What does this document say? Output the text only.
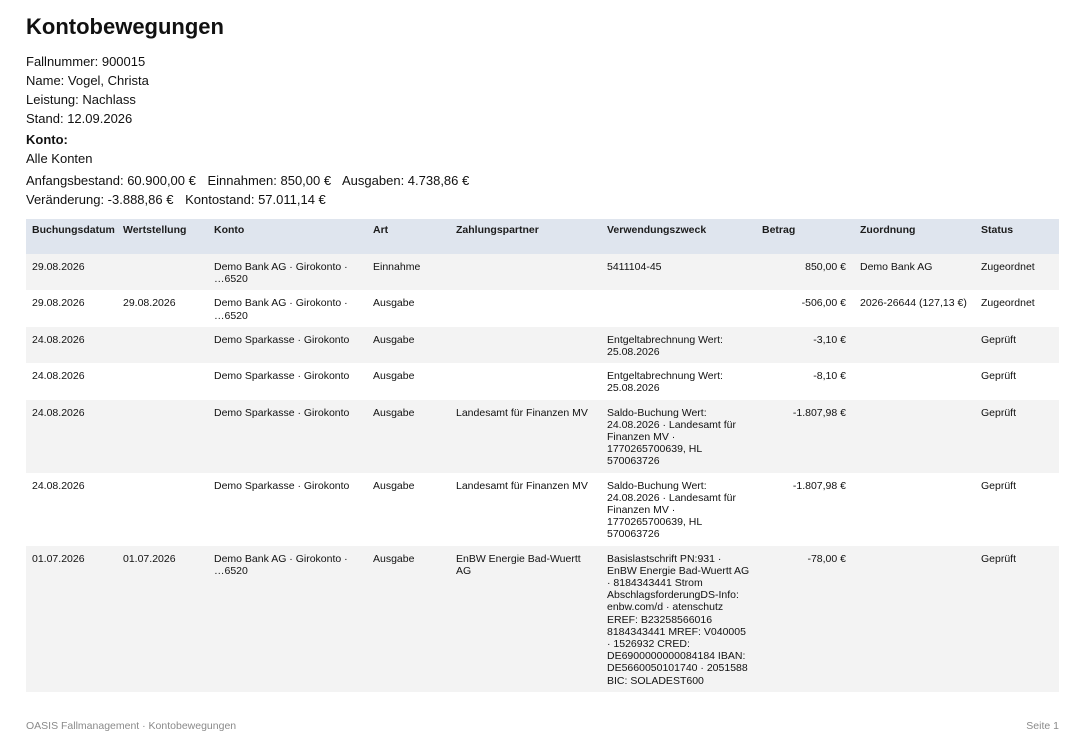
Kontobewegungen
Fallnummer: 900015
Name: Vogel, Christa
Leistung: Nachlass
Stand: 12.09.2026
Konto:
Alle Konten
Anfangsbestand: 60.900,00 € Einnahmen: 850,00 € Ausgaben: 4.738,86 €
Veränderung: -3.888,86 € Kontostand: 57.011,14 €
Buchungsdatum	Wertstellung	Konto	Art	Zahlungspartner	Verwendungszweck	Betrag	Zuordnung	Status
29.08.2026		Demo Bank AG · Girokonto · …6520	Einnahme		5411104-45	850,00 €	Demo Bank AG	Zugeordnet
29.08.2026	29.08.2026	Demo Bank AG · Girokonto · …6520	Ausgabe			-506,00 €	2026-26644 (127,13 €)	Zugeordnet
24.08.2026		Demo Sparkasse · Girokonto	Ausgabe		Entgeltabrechnung Wert: 25.08.2026	-3,10 €		Geprüft
24.08.2026		Demo Sparkasse · Girokonto	Ausgabe		Entgeltabrechnung Wert: 25.08.2026	-8,10 €		Geprüft
24.08.2026		Demo Sparkasse · Girokonto	Ausgabe	Landesamt für Finanzen MV	Saldo-Buchung Wert: 24.08.2026 · Landesamt für Finanzen MV · 1770265700639, HL 570063726	-1.807,98 €		Geprüft
24.08.2026		Demo Sparkasse · Girokonto	Ausgabe	Landesamt für Finanzen MV	Saldo-Buchung Wert: 24.08.2026 · Landesamt für Finanzen MV · 1770265700639, HL 570063726	-1.807,98 €		Geprüft
01.07.2026	01.07.2026	Demo Bank AG · Girokonto · …6520	Ausgabe	EnBW Energie Bad-Wuertt AG	Basislastschrift PN:931 · EnBW Energie Bad-Wuertt AG · 8184343441 Strom AbschlagsforderungDS-Info: enbw.com/d · atenschutz EREF: B23258566016 8184343441 MREF: V040005 · 1526932 CRED: DE6900000000084184 IBAN: DE5660050101740 · 2051588 BIC: SOLADEST600	-78,00 €		Geprüft
OASIS Fallmanagement · Kontobewegungen	Seite 1
